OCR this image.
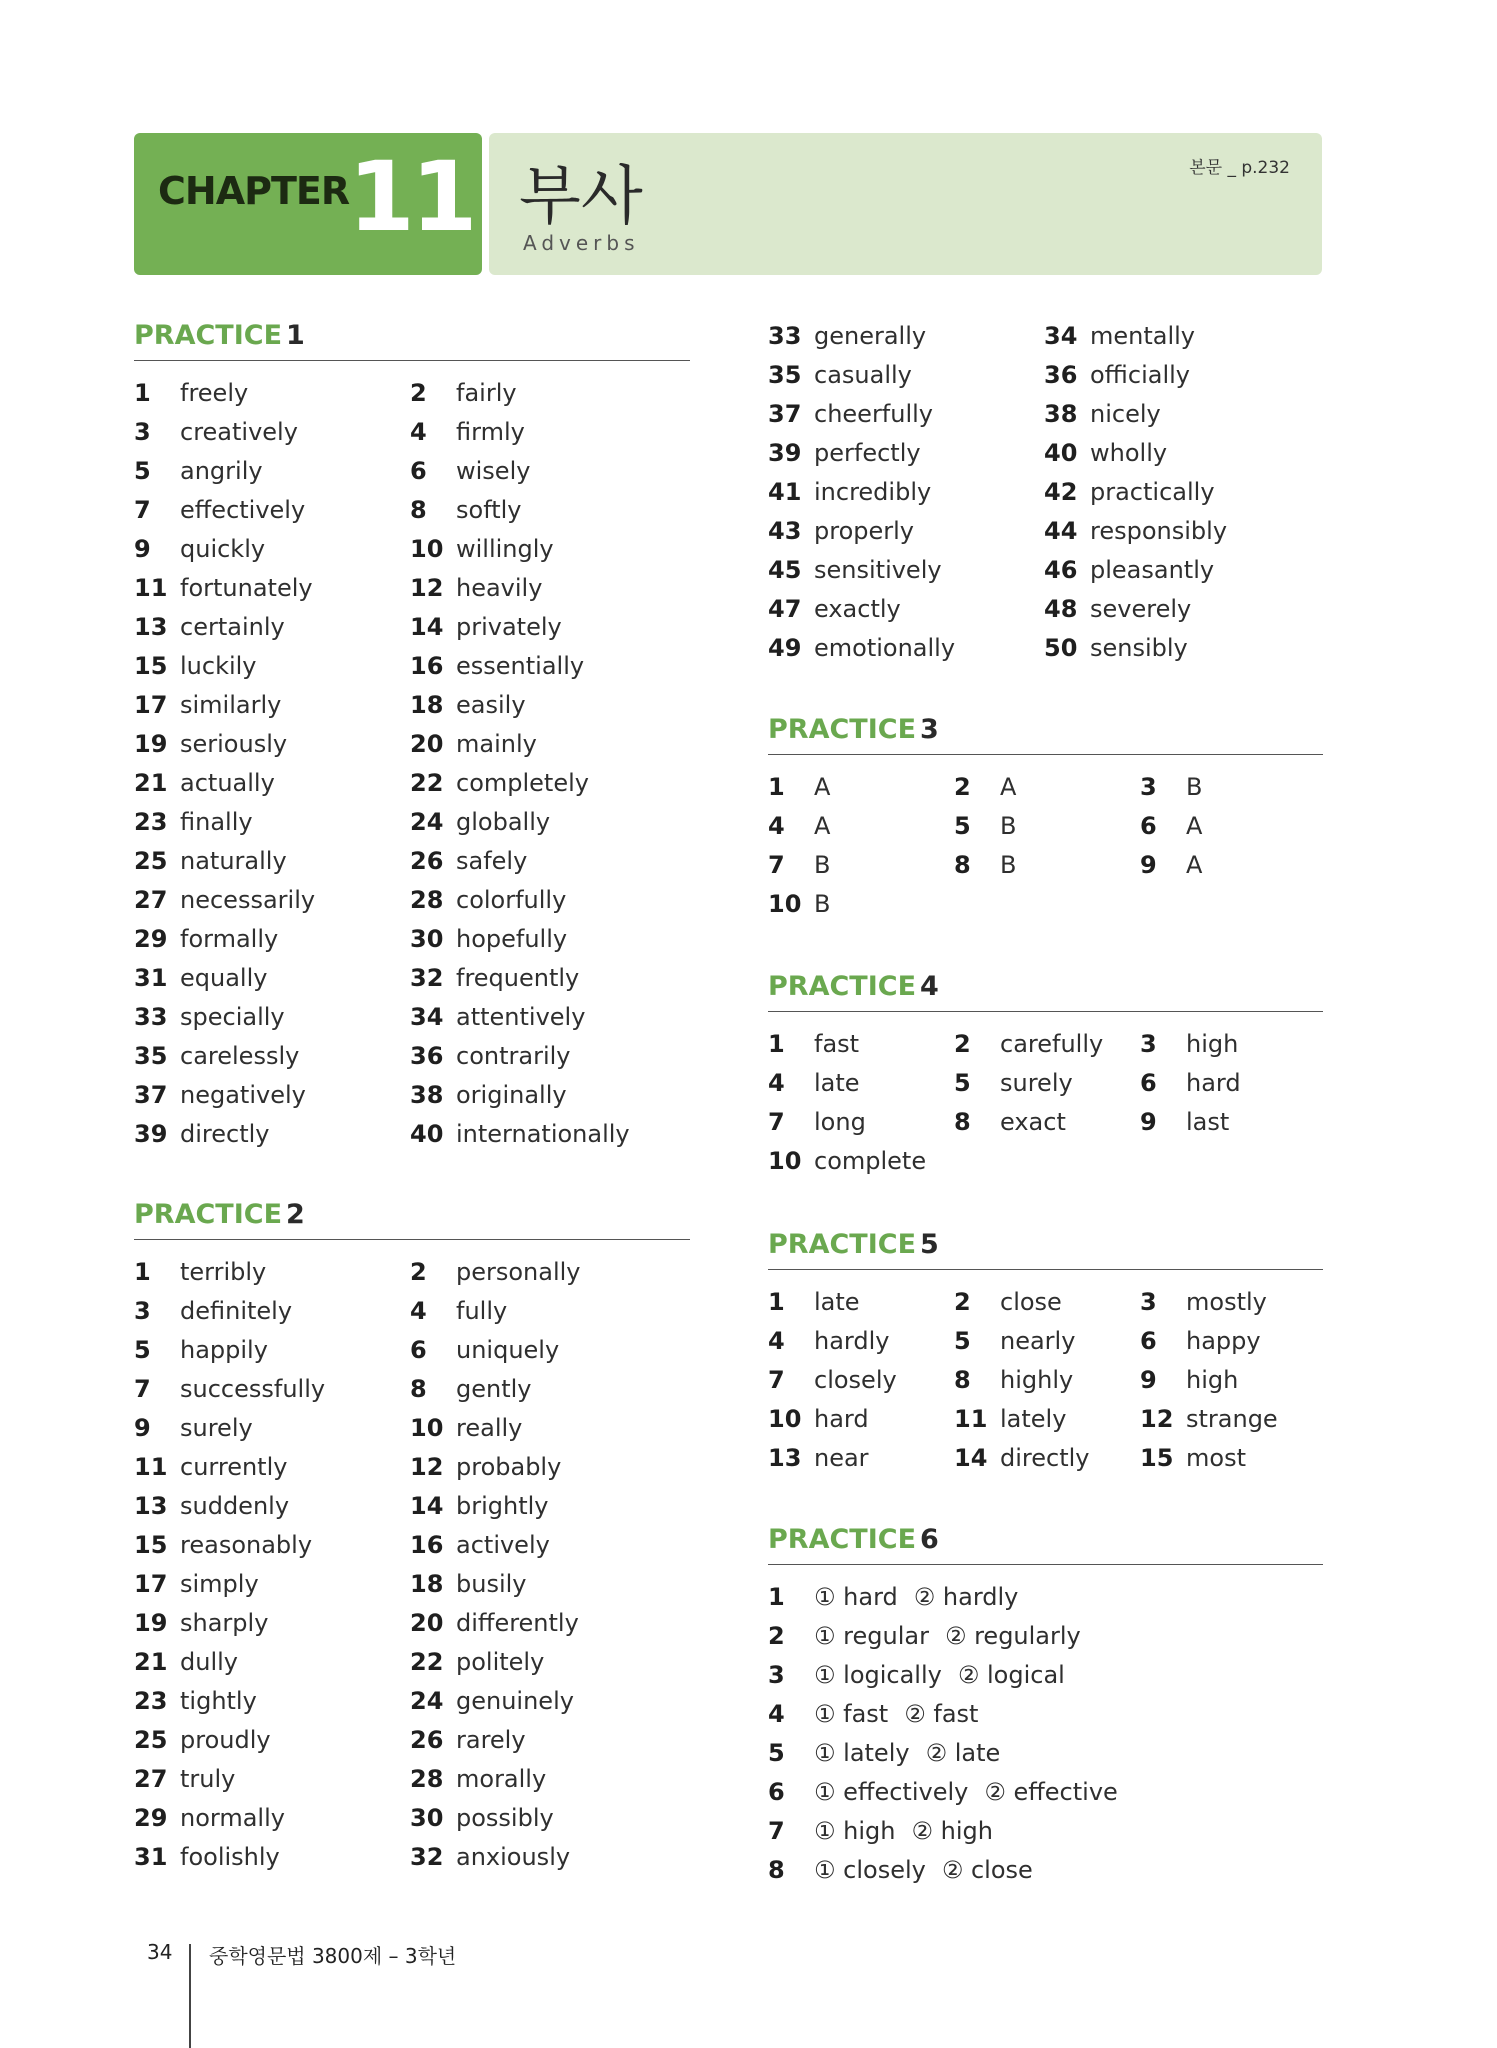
CHAPTER
11 부사
Adverbs
본문 _ p.232
PRACTICE 1
1	freely	2	fairly
3	creatively	4	firmly
5	angrily	6	wisely
7	effectively	8	softly
9	quickly	10 willingly
11 fortunately	12 heavily
13 certainly	14 privately
15 luckily	16 essentially
17 similarly	18 easily
19 seriously	20 mainly
21 actually	22 completely
23 finally	24 globally
25 naturally	26 safely
27 necessarily	28 colorfully
29 formally	30 hopefully
31 equally	32 frequently
33 specially	34 attentively
35 carelessly	36 contrarily
37 negatively	38 originally
39 directly	40 internationally
33 generally	34 mentally
35 casually	36 officially
37 cheerfully	38 nicely
39 perfectly	40 wholly
41 incredibly	42 practically
43 properly	44 responsibly
45 sensitively	46 pleasantly
47 exactly	48 severely
49 emotionally	50 sensibly
PRACTICE 2
1	terribly	2	personally
3	definitely	4	fully
5	happily	6	uniquely
7	successfully	8	gently
9	surely	10 really
11 currently	12 probably
13 suddenly	14 brightly
15 reasonably	16 actively
17 simply	18 busily
19 sharply	20 differently
21 dully	22 politely
23 tightly	24 genuinely
25 proudly	26 rarely
27 truly	28 morally
29 normally	30 possibly
31 foolishly	32 anxiously
PRACTICE 3
1	A	2	A	3	B
4	A	5	B	6	A
7	B	8	B	9	A
10 B
PRACTICE 4
1	fast	2	carefully 3	high
4	late	5	surely	6	hard
7	long	8	exact	9	last
10 complete
PRACTICE 5
1	late	2	close	3	mostly
4	hardly	5	nearly	6	happy
7	closely 8	highly	9	high
10 hard	11 lately	12 strange
13 near	14 directly 15 most
PRACTICE 6
1	① hard ② hardly
2	① regular ② regularly
3	① logically ② logical
4	① fast ② fast
5	① lately ② late
6	① effectively ② effective
7	① high ② high
8	① closely ② close
34 중학영문법 3800제 – 3학년
